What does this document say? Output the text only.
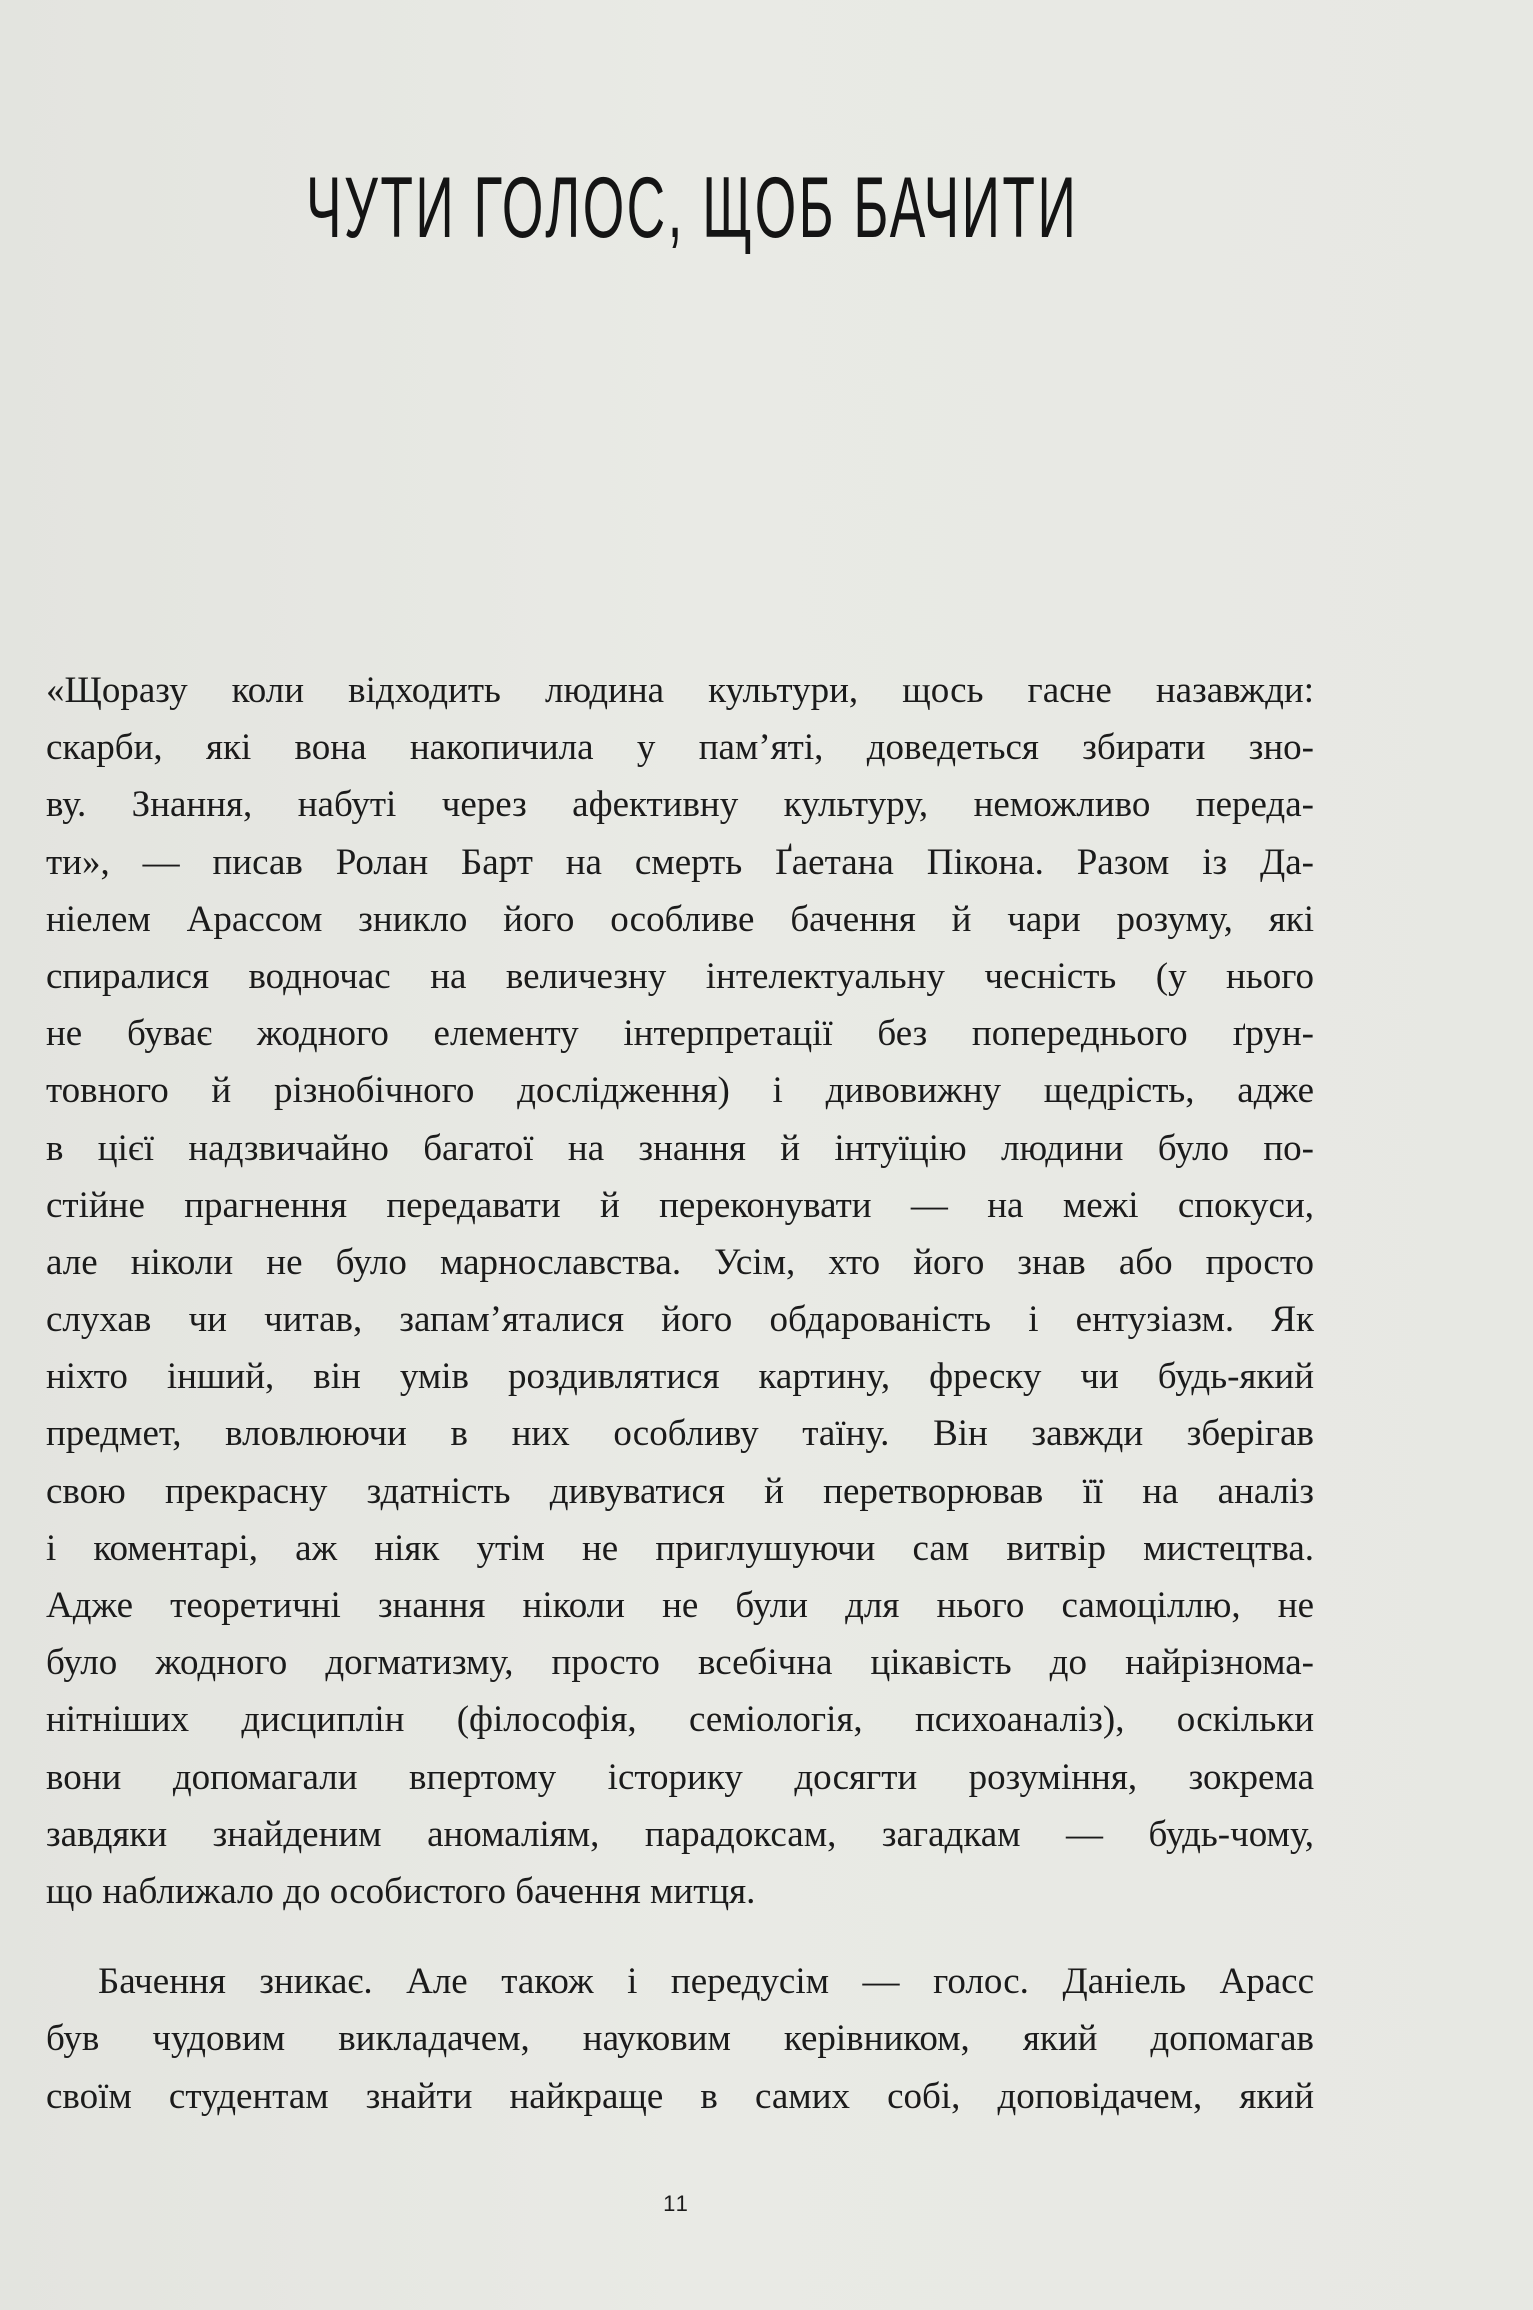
ЧУТИ ГОЛОС, ЩОБ БАЧИТИ
«Щоразу коли відходить людина культури, щось гасне назавжди:
скарби, які вона накопичила у пам’яті, доведеться збирати зно-
ву. Знання, набуті через афективну культуру, неможливо переда-
ти», — писав Ролан Барт на смерть Ґаетана Пікона. Разом із Да-
ніелем Арассом зникло його особливе бачення й чари розуму, які
спиралися водночас на величезну інтелектуальну чесність (у нього
не буває жодного елементу інтерпретації без попереднього ґрун-
товного й різнобічного дослідження) і дивовижну щедрість, адже
в цієї надзвичайно багатої на знання й інтуїцію людини було по-
стійне прагнення передавати й переконувати — на межі спокуси,
але ніколи не було марнославства. Усім, хто його знав або просто
слухав чи читав, запам’яталися його обдарованість і ентузіазм. Як
ніхто інший, він умів роздивлятися картину, фреску чи будь-який
предмет, вловлюючи в них особливу таїну. Він завжди зберігав
свою прекрасну здатність дивуватися й перетворював її на аналіз
і коментарі, аж ніяк утім не приглушуючи сам витвір мистецтва.
Адже теоретичні знання ніколи не були для нього самоціллю, не
було жодного догматизму, просто всебічна цікавість до найрізнома-
нітніших дисциплін (філософія, семіологія, психоаналіз), оскільки
вони допомагали впертому історику досягти розуміння, зокрема
завдяки знайденим аномаліям, парадоксам, загадкам — будь-чому,
що наближало до особистого бачення митця.
Бачення зникає. Але також і передусім — голос. Даніель Арасс
був чудовим викладачем, науковим керівником, який допомагав
своїм студентам знайти найкраще в самих собі, доповідачем, який
11
